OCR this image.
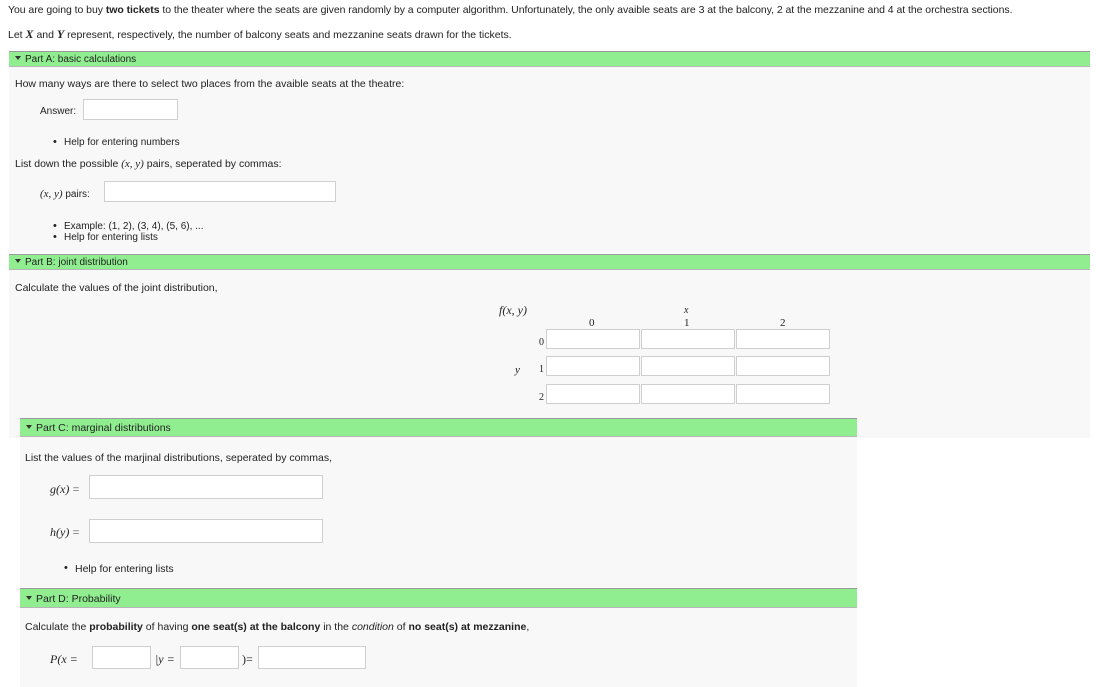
You are going to buy two tickets to the theater where the seats are given randomly by a computer algorithm. Unfortunately, the only avaible seats are 3 at the balcony, 2 at the mezzanine and 4 at the orchestra sections.
Let X and Y represent, respectively, the number of balcony seats and mezzanine seats drawn for the tickets.
Part A: basic calculations
How many ways are there to select two places from the avaible seats at the theatre:
Answer:
• Help for entering numbers
List down the possible (x, y) pairs, seperated by commas:
(x, y) pairs:
• Example: (1, 2), (3, 4), (5, 6), ...
• Help for entering lists
Part B: joint distribution
Calculate the values of the joint distribution,
f(x, y)	x
0	1	2
y
0
1
2
Part C: marginal distributions
List the values of the marjinal distributions, seperated by commas,
g(x) =
h(y) =
• Help for entering lists
Part D: Probability
Calculate the probability of having one seat(s) at the balcony in the condition of no seat(s) at mezzanine,
P(x =	|y =	)=
